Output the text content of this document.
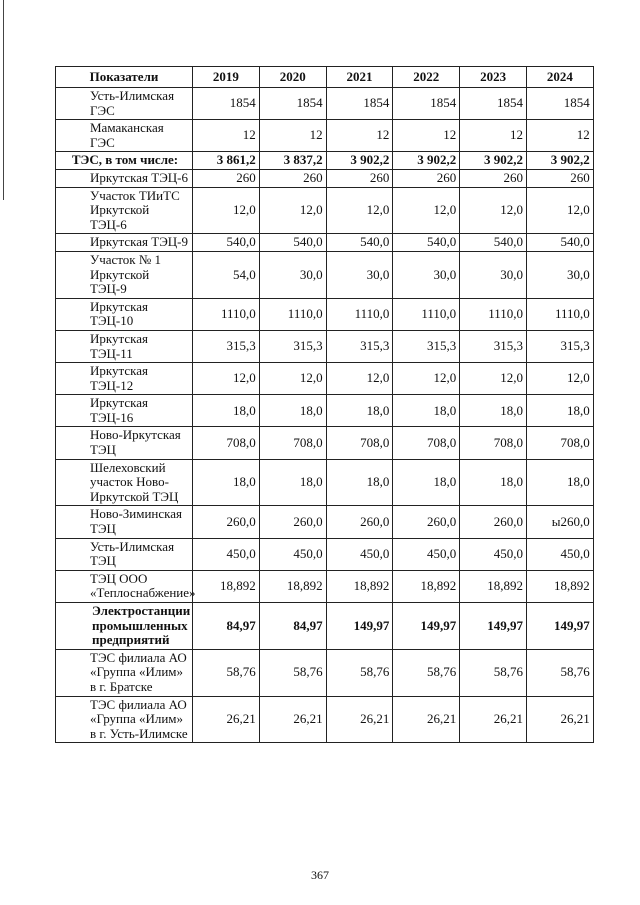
Показатели	2019	2020	2021	2022	2023	2024
Усть-Илимская ГЭС	1854	1854	1854	1854	1854	1854
Мамаканская ГЭС	12	12	12	12	12	12
ТЭС, в том числе:	3 861,2	3 837,2	3 902,2	3 902,2	3 902,2	3 902,2
Иркутская ТЭЦ-6	260	260	260	260	260	260
Участок ТИиТС Иркутской ТЭЦ-6	12,0	12,0	12,0	12,0	12,0	12,0
Иркутская ТЭЦ-9	540,0	540,0	540,0	540,0	540,0	540,0
Участок № 1 Иркутской ТЭЦ-9	54,0	30,0	30,0	30,0	30,0	30,0
Иркутская ТЭЦ-10	1110,0	1110,0	1110,0	1110,0	1110,0	1110,0
Иркутская ТЭЦ-11	315,3	315,3	315,3	315,3	315,3	315,3
Иркутская ТЭЦ-12	12,0	12,0	12,0	12,0	12,0	12,0
Иркутская ТЭЦ-16	18,0	18,0	18,0	18,0	18,0	18,0
Ново-Иркутская ТЭЦ	708,0	708,0	708,0	708,0	708,0	708,0
Шелеховский участок Ново-Иркутской ТЭЦ	18,0	18,0	18,0	18,0	18,0	18,0
Ново-Зиминская ТЭЦ	260,0	260,0	260,0	260,0	260,0	ы260,0
Усть-Илимская ТЭЦ	450,0	450,0	450,0	450,0	450,0	450,0
ТЭЦ ООО «Теплоснабжение»	18,892	18,892	18,892	18,892	18,892	18,892
Электростанции промышленных предприятий	84,97	84,97	149,97	149,97	149,97	149,97
ТЭС филиала АО «Группа «Илим» в г. Братске	58,76	58,76	58,76	58,76	58,76	58,76
ТЭС филиала АО «Группа «Илим» в г. Усть-Илимске	26,21	26,21	26,21	26,21	26,21	26,21
367
